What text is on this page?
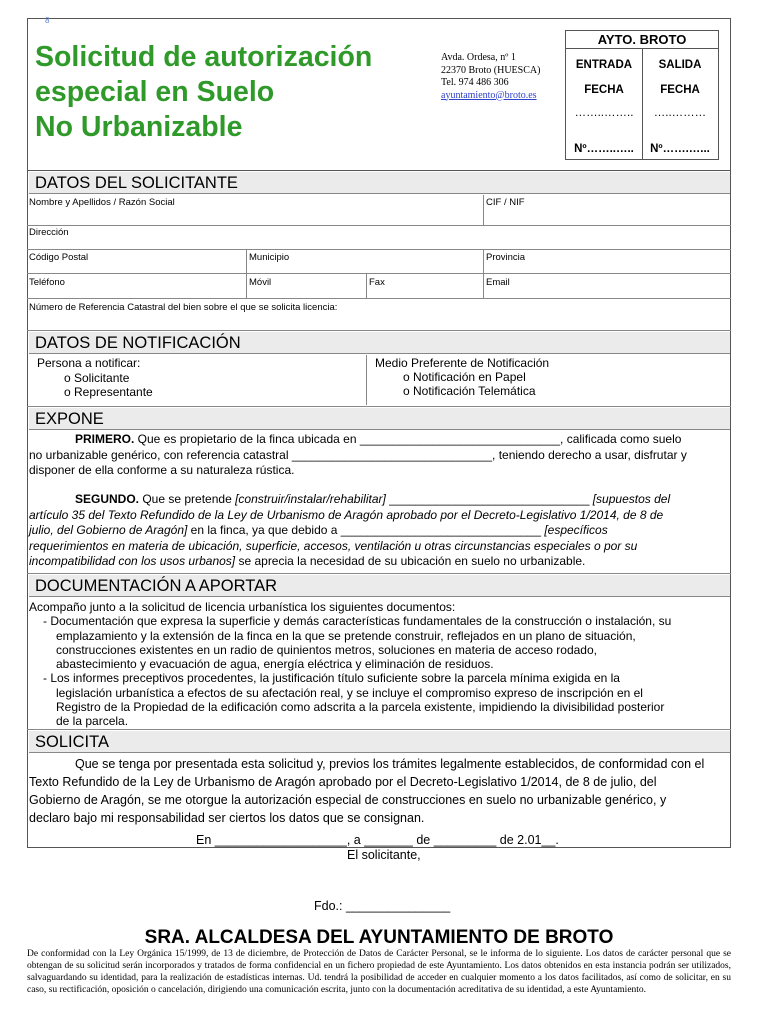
8
Solicitud de autorización
especial en Suelo
No Urbanizable
Avda. Ordesa, nº 1
22370 Broto (HUESCA)
Tel. 974 486 306
ayuntamiento@broto.es
AYTO. BROTO
ENTRADA	SALIDA
FECHA	FECHA
……..……..	…..………
Nº……..…..	Nº…….…...
DATOS DEL SOLICITANTE
Nombre y Apellidos / Razón Social	CIF / NIF
Dirección
Código Postal	Municipio	Provincia
Teléfono	Móvil	Fax	Email
Número de Referencia Catastral del bien sobre el que se solicita licencia:
DATOS DE NOTIFICACIÓN
Persona a notificar:
o Solicitante
o Representante
Medio Preferente de Notificación
o Notificación en Papel
o Notificación Telemática
EXPONE
PRIMERO. Que es propietario de la finca ubicada en ______________________________, calificada como suelo
no urbanizable genérico, con referencia catastral ______________________________, teniendo derecho a usar, disfrutar y
disponer de ella conforme a su naturaleza rústica.
SEGUNDO. Que se pretende [construir/instalar/rehabilitar] ______________________________ [supuestos del
artículo 35 del Texto Refundido de la Ley de Urbanismo de Aragón aprobado por el Decreto-Legislativo 1/2014, de 8 de
julio, del Gobierno de Aragón] en la finca, ya que debido a ______________________________ [específicos
requerimientos en materia de ubicación, superficie, accesos, ventilación u otras circunstancias especiales o por su
incompatibilidad con los usos urbanos] se aprecia la necesidad de su ubicación en suelo no urbanizable.
DOCUMENTACIÓN A APORTAR
Acompaño junto a la solicitud de licencia urbanística los siguientes documentos:
- Documentación que expresa la superficie y demás características fundamentales de la construcción o instalación, su
emplazamiento y la extensión de la finca en la que se pretende construir, reflejados en un plano de situación,
construcciones existentes en un radio de quinientos metros, soluciones en materia de acceso rodado,
abastecimiento y evacuación de agua, energía eléctrica y eliminación de residuos.
- Los informes preceptivos procedentes, la justificación título suficiente sobre la parcela mínima exigida en la
legislación urbanística a efectos de su afectación real, y se incluye el compromiso expreso de inscripción en el
Registro de la Propiedad de la edificación como adscrita a la parcela existente, impidiendo la divisibilidad posterior
de la parcela.
SOLICITA
Que se tenga por presentada esta solicitud y, previos los trámites legalmente establecidos, de conformidad con el
Texto Refundido de la Ley de Urbanismo de Aragón aprobado por el Decreto-Legislativo 1/2014, de 8 de julio, del
Gobierno de Aragón, se me otorgue la autorización especial de construcciones en suelo no urbanizable genérico, y
declaro bajo mi responsabilidad ser ciertos los datos que se consignan.
En ___________________, a _______ de _________ de 2.01__.
El solicitante,
Fdo.: _______________
SRA. ALCALDESA DEL AYUNTAMIENTO DE BROTO
De conformidad con la Ley Orgánica 15/1999, de 13 de diciembre, de Protección de Datos de Carácter Personal, se le informa de lo siguiente. Los datos de carácter personal que se obtengan de su solicitud serán incorporados y tratados de forma confidencial en un fichero propiedad de este Ayuntamiento. Los datos obtenidos en esta instancia podrán ser utilizados, salvaguardando su identidad, para la realización de estadísticas internas. Ud. tendrá la posibilidad de acceder en cualquier momento a los datos facilitados, así como de solicitar, en su caso, su rectificación, oposición o cancelación, dirigiendo una comunicación escrita, junto con la documentación acreditativa de su identidad, a este Ayuntamiento.
